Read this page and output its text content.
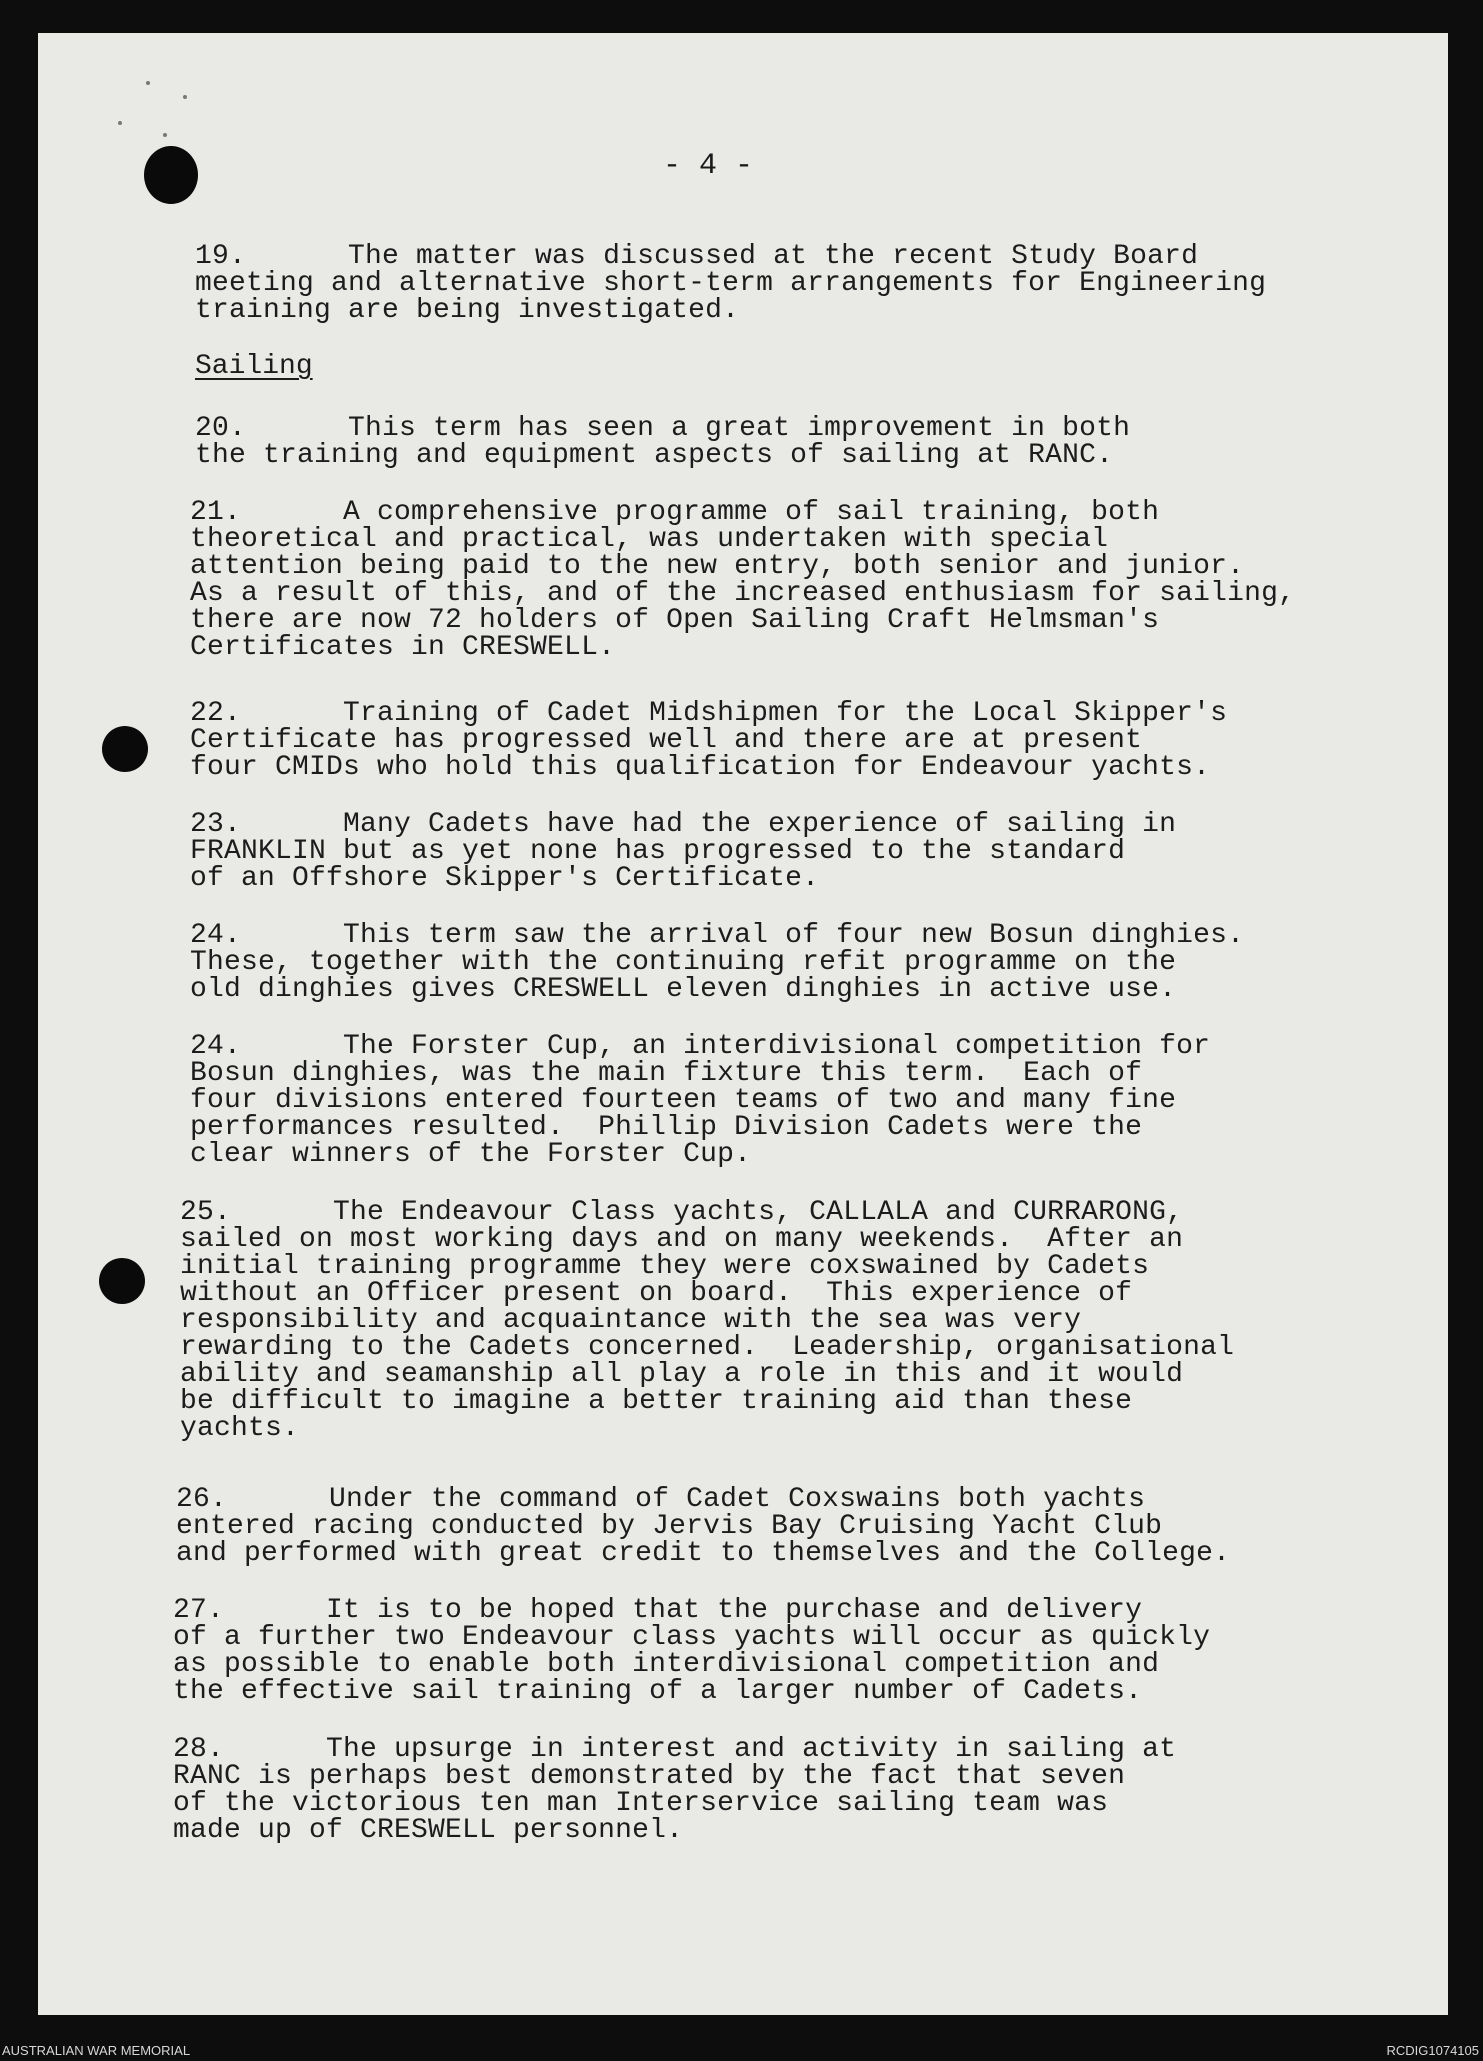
- 4 -
19.      The matter was discussed at the recent Study Board
meeting and alternative short-term arrangements for Engineering
training are being investigated.
Sailing
20.      This term has seen a great improvement in both
the training and equipment aspects of sailing at RANC.
21.      A comprehensive programme of sail training, both
theoretical and practical, was undertaken with special
attention being paid to the new entry, both senior and junior.
As a result of this, and of the increased enthusiasm for sailing,
there are now 72 holders of Open Sailing Craft Helmsman's
Certificates in CRESWELL.
22.      Training of Cadet Midshipmen for the Local Skipper's
Certificate has progressed well and there are at present
four CMIDs who hold this qualification for Endeavour yachts.
23.      Many Cadets have had the experience of sailing in
FRANKLIN but as yet none has progressed to the standard
of an Offshore Skipper's Certificate.
24.      This term saw the arrival of four new Bosun dinghies.
These, together with the continuing refit programme on the
old dinghies gives CRESWELL eleven dinghies in active use.
24.      The Forster Cup, an interdivisional competition for
Bosun dinghies, was the main fixture this term.  Each of
four divisions entered fourteen teams of two and many fine
performances resulted.  Phillip Division Cadets were the
clear winners of the Forster Cup.
25.      The Endeavour Class yachts, CALLALA and CURRARONG,
sailed on most working days and on many weekends.  After an
initial training programme they were coxswained by Cadets
without an Officer present on board.  This experience of
responsibility and acquaintance with the sea was very
rewarding to the Cadets concerned.  Leadership, organisational
ability and seamanship all play a role in this and it would
be difficult to imagine a better training aid than these
yachts.
26.      Under the command of Cadet Coxswains both yachts
entered racing conducted by Jervis Bay Cruising Yacht Club
and performed with great credit to themselves and the College.
27.      It is to be hoped that the purchase and delivery
of a further two Endeavour class yachts will occur as quickly
as possible to enable both interdivisional competition and
the effective sail training of a larger number of Cadets.
28.      The upsurge in interest and activity in sailing at
RANC is perhaps best demonstrated by the fact that seven
of the victorious ten man Interservice sailing team was
made up of CRESWELL personnel.
AUSTRALIAN WAR MEMORIAL	RCDIG1074105
